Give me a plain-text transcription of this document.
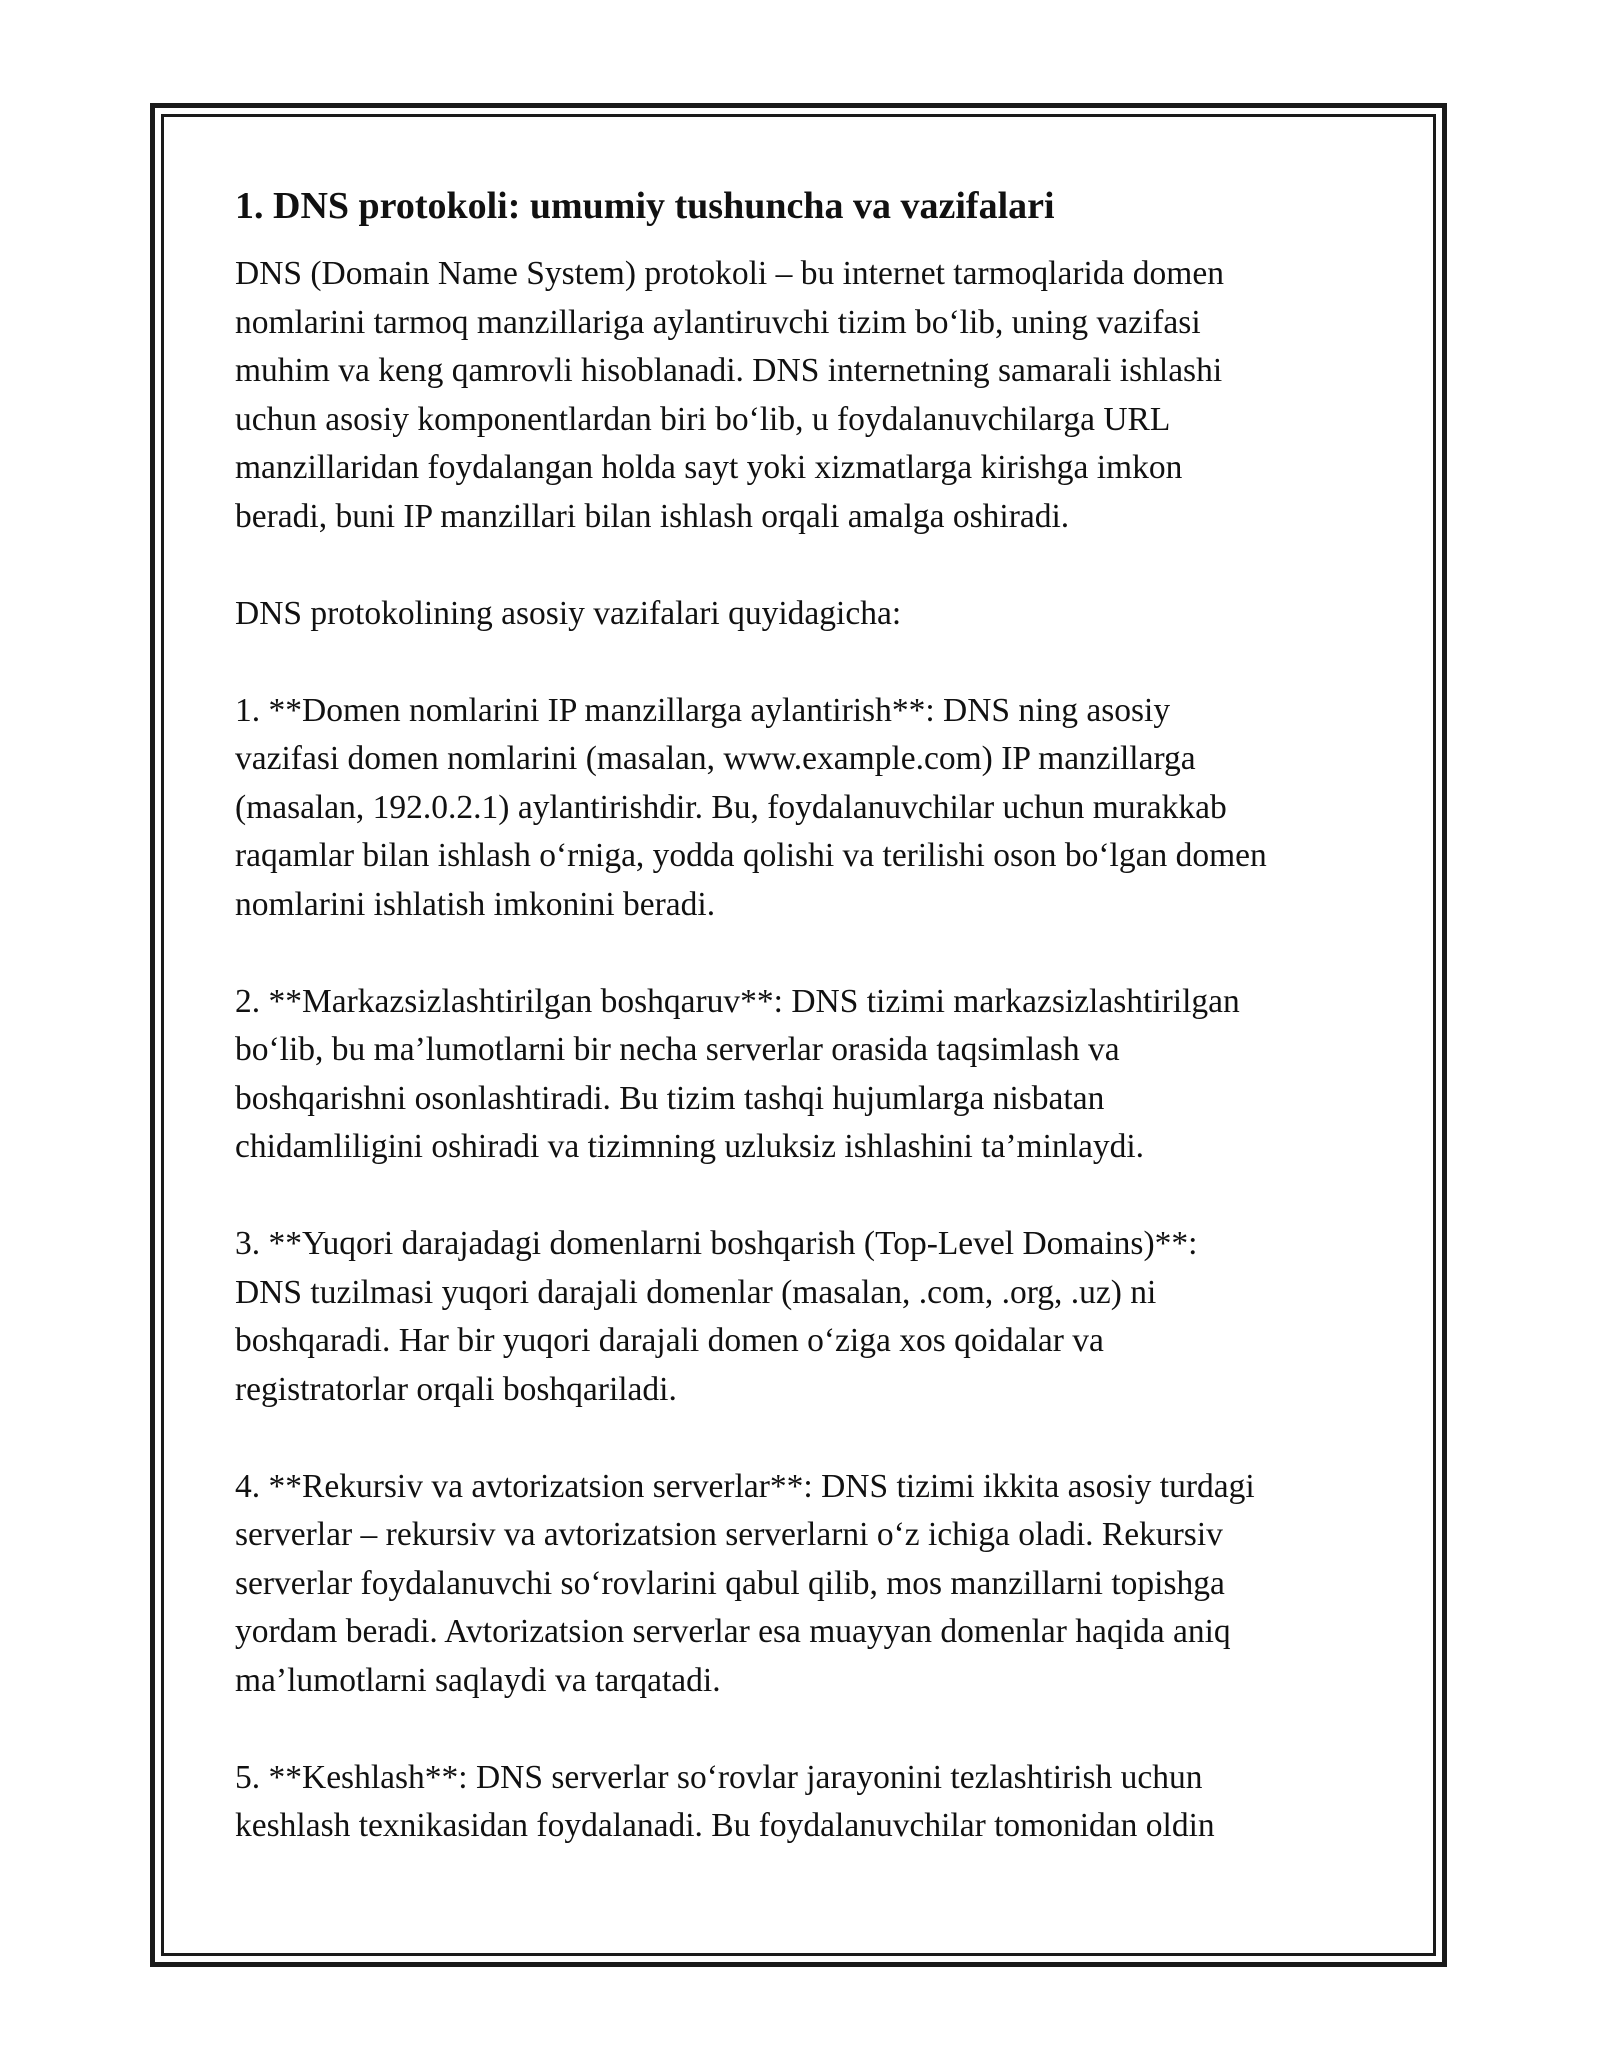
1. DNS protokoli: umumiy tushuncha va vazifalari
DNS (Domain Name System) protokoli – bu internet tarmoqlarida domen
nomlarini tarmoq manzillariga aylantiruvchi tizim bo‘lib, uning vazifasi
muhim va keng qamrovli hisoblanadi. DNS internetning samarali ishlashi
uchun asosiy komponentlardan biri bo‘lib, u foydalanuvchilarga URL
manzillaridan foydalangan holda sayt yoki xizmatlarga kirishga imkon
beradi, buni IP manzillari bilan ishlash orqali amalga oshiradi.
DNS protokolining asosiy vazifalari quyidagicha:
1. **Domen nomlarini IP manzillarga aylantirish**: DNS ning asosiy
vazifasi domen nomlarini (masalan, www.example.com) IP manzillarga
(masalan, 192.0.2.1) aylantirishdir. Bu, foydalanuvchilar uchun murakkab
raqamlar bilan ishlash o‘rniga, yodda qolishi va terilishi oson bo‘lgan domen
nomlarini ishlatish imkonini beradi.
2. **Markazsizlashtirilgan boshqaruv**: DNS tizimi markazsizlashtirilgan
bo‘lib, bu ma’lumotlarni bir necha serverlar orasida taqsimlash va
boshqarishni osonlashtiradi. Bu tizim tashqi hujumlarga nisbatan
chidamliligini oshiradi va tizimning uzluksiz ishlashini ta’minlaydi.
3. **Yuqori darajadagi domenlarni boshqarish (Top-Level Domains)**:
DNS tuzilmasi yuqori darajali domenlar (masalan, .com, .org, .uz) ni
boshqaradi. Har bir yuqori darajali domen o‘ziga xos qoidalar va
registratorlar orqali boshqariladi.
4. **Rekursiv va avtorizatsion serverlar**: DNS tizimi ikkita asosiy turdagi
serverlar – rekursiv va avtorizatsion serverlarni o‘z ichiga oladi. Rekursiv
serverlar foydalanuvchi so‘rovlarini qabul qilib, mos manzillarni topishga
yordam beradi. Avtorizatsion serverlar esa muayyan domenlar haqida aniq
ma’lumotlarni saqlaydi va tarqatadi.
5. **Keshlash**: DNS serverlar so‘rovlar jarayonini tezlashtirish uchun
keshlash texnikasidan foydalanadi. Bu foydalanuvchilar tomonidan oldin
